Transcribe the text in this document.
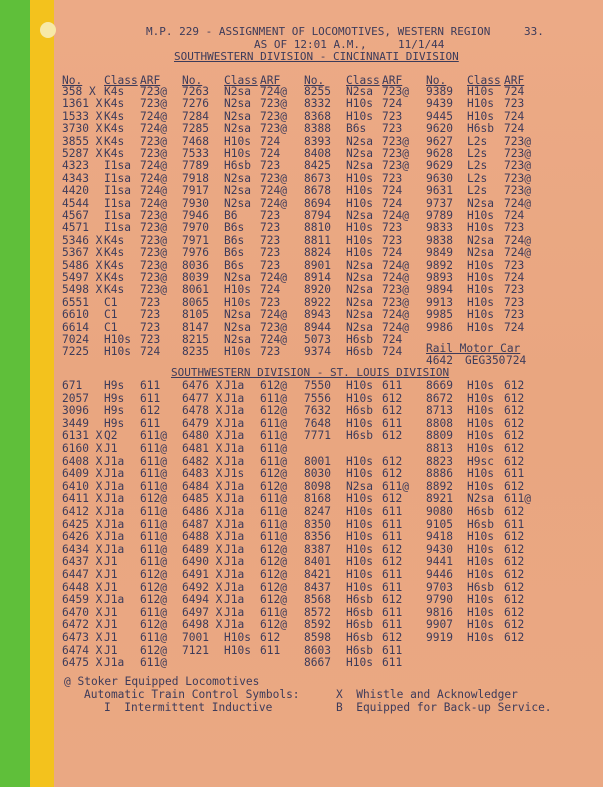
M.P. 229 - ASSIGNMENT OF LOCOMOTIVES, WESTERN REGION	33.
AS OF 12:01 A.M.,	11/1/44
SOUTHWESTERN DIVISION - CINCINNATI DIVISION
No. Class ARF No. Class ARF No. Class ARF No. Class ARF
358 X K4s 723@
1361 X K4s 723@
1533 X K4s 724@
3730 X K4s 724@
3855 X K4s 723@
5287 X K4s 723@
4323 I1sa 724@
4343 I1sa 724@
4420 I1sa 724@
4544 I1sa 724@
4567 I1sa 723@
4571 I1sa 723@
5346 X K4s 723@
5367 X K4s 723@
5486 X K4s 723@
5497 X K4s 723@
5498 X K4s 723@
6551 C1 723
6610 C1 723
6614 C1 723
7024 H10s 723
7225 H10s 724
7263 N2sa 724@
7276 N2sa 723@
7284 N2sa 723@
7285 N2sa 723@
7468 H10s 724
7533 H10s 724
7789 H6sb 723
7918 N2sa 723@
7917 N2sa 724@
7930 N2sa 724@
7946 B6 723
7970 B6s 723
7971 B6s 723
7976 B6s 723
8036 B6s 723
8039 N2sa 724@
8061 H10s 724
8065 H10s 723
8105 N2sa 724@
8147 N2sa 723@
8215 N2sa 724@
8235 H10s 723
8255 N2sa 723@
8332 H10s 724
8368 H10s 723
8388 B6s 723
8393 N2sa 723@
8408 N2sa 723@
8425 N2sa 723@
8673 H10s 723
8678 H10s 724
8694 H10s 724
8794 N2sa 724@
8810 H10s 723
8811 H10s 723
8824 H10s 724
8901 N2sa 724@
8914 N2sa 724@
8920 N2sa 723@
8922 N2sa 723@
8943 N2sa 724@
8944 N2sa 724@
5073 H6sb 724
9374 H6sb 724
9389 H10s 724
9439 H10s 723
9445 H10s 724
9620 H6sb 724
9627 L2s 723@
9628 L2s 723@
9629 L2s 723@
9630 L2s 723@
9631 L2s 723@
9737 N2sa 724@
9789 H10s 724
9833 H10s 723
9838 N2sa 724@
9849 N2sa 724@
9892 H10s 723
9893 H10s 724
9894 H10s 723
9913 H10s 723
9985 H10s 723
9986 H10s 724
Rail Motor Car
4642 GEG350 724
SOUTHWESTERN DIVISION - ST. LOUIS DIVISION
671 H9s 611
2057 H9s 611
3096 H9s 612
3449 H9s 611
6131 X Q2 611@
6160 X J1 611@
6408 X J1a 611@
6409 X J1a 611@
6410 X J1a 611@
6411 X J1a 612@
6412 X J1a 611@
6425 X J1a 611@
6426 X J1a 611@
6434 X J1a 611@
6437 X J1 611@
6447 X J1 612@
6448 X J1 612@
6459 X J1a 612@
6470 X J1 611@
6472 X J1 612@
6473 X J1 611@
6474 X J1 612@
6475 X J1a 611@
6476 X J1a 612@
6477 X J1a 611@
6478 X J1a 612@
6479 X J1a 611@
6480 X J1a 611@
6481 X J1a 611@
6482 X J1a 611@
6483 X J1s 612@
6484 X J1a 612@
6485 X J1a 611@
6486 X J1a 611@
6487 X J1a 611@
6488 X J1a 611@
6489 X J1a 612@
6490 X J1a 612@
6491 X J1a 612@
6492 X J1a 612@
6494 X J1a 612@
6497 X J1a 611@
6498 X J1a 612@
7001 H10s 612
7121 H10s 611
7550 H10s 611
7556 H10s 612
7632 H6sb 612
7648 H10s 611
7771 H6sb 612

8001 H10s 612
8030 H10s 612
8098 N2sa 611@
8168 H10s 612
8247 H10s 611
8350 H10s 611
8356 H10s 611
8387 H10s 612
8401 H10s 612
8421 H10s 611
8437 H10s 611
8568 H6sb 612
8572 H6sb 611
8592 H6sb 611
8598 H6sb 612
8603 H6sb 611
8667 H10s 611
8669 H10s 612
8672 H10s 612
8713 H10s 612
8808 H10s 612
8809 H10s 612
8813 H10s 612
8823 H9sc 612
8886 H10s 611
8892 H10s 612
8921 N2sa 611@
9080 H6sb 612
9105 H6sb 611
9418 H10s 612
9430 H10s 612
9441 H10s 612
9446 H10s 612
9703 H6sb 612
9790 H10s 612
9816 H10s 612
9907 H10s 612
9919 H10s 612
@ Stoker Equipped Locomotives
Automatic Train Control Symbols:
I  Intermittent Inductive
X  Whistle and Acknowledger
B  Equipped for Back-up Service.
